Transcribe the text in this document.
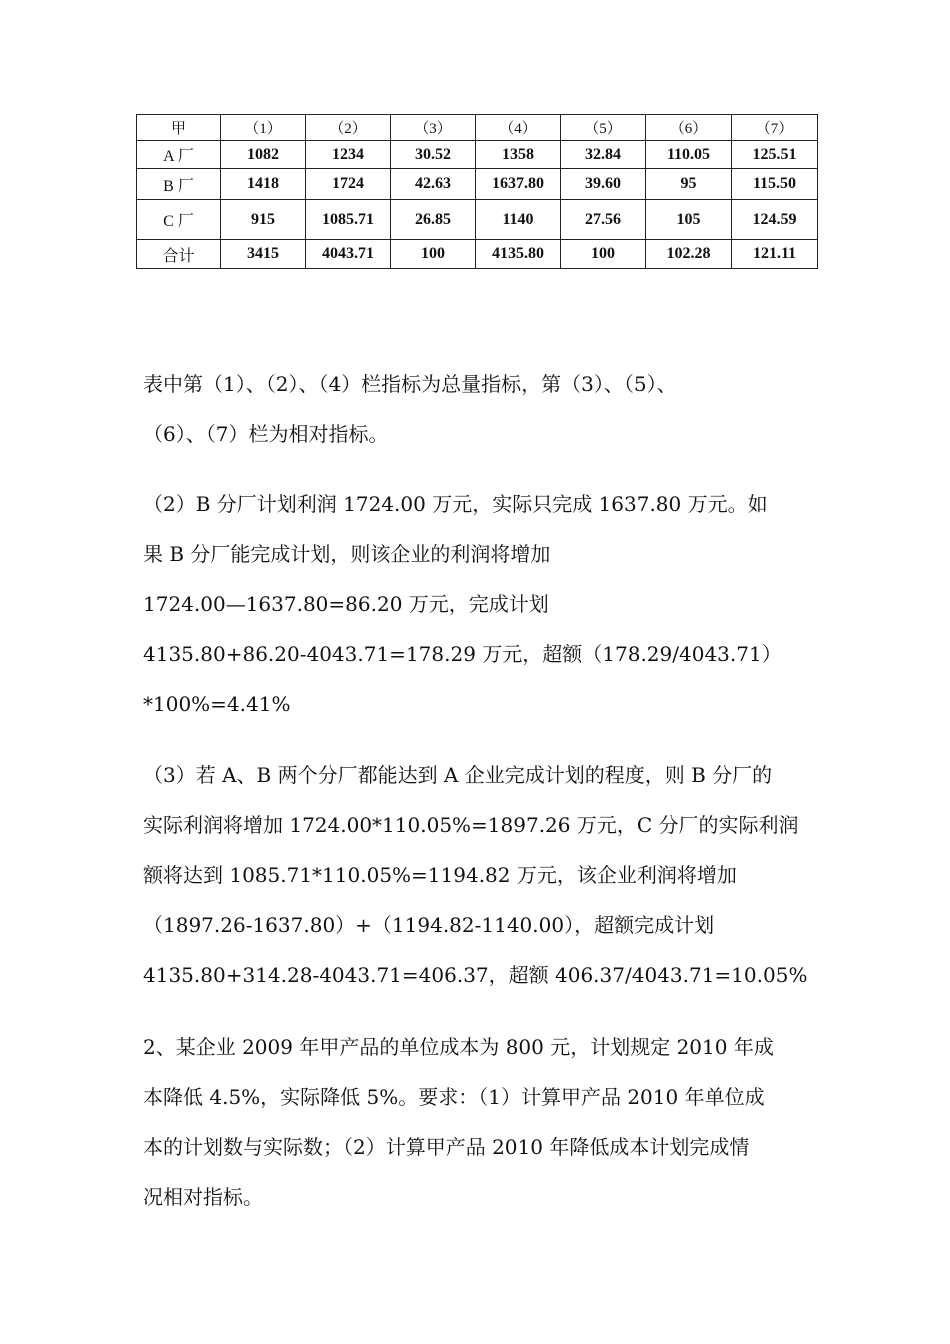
甲	（1）	（2）	（3）	（4）	（5）	（6）	（7）
A 厂	1082	1234	30.52	1358	32.84	110.05	125.51
B 厂	1418	1724	42.63	1637.80	39.60	95	115.50
C 厂	915	1085.71	26.85	1140	27.56	105	124.59
合计	3415	4043.71	100	4135.80	100	102.28	121.11
表中第（1）、（2）、（4）栏指标为总量指标，第（3）、（5）、
（6）、（7）栏为相对指标。
（2）B 分厂计划利润 1724.00 万元，实际只完成 1637.80 万元。如
果 B 分厂能完成计划，则该企业的利润将增加
1724.00—1637.80=86.20 万元，完成计划
4135.80+86.20-4043.71=178.29 万元，超额（178.29/4043.71）
*100%=4.41%
（3）若 A、B 两个分厂都能达到 A 企业完成计划的程度，则 B 分厂的
实际利润将增加 1724.00*110.05%=1897.26 万元，C 分厂的实际利润
额将达到 1085.71*110.05%=1194.82 万元，该企业利润将增加
（1897.26-1637.80）+（1194.82-1140.00），超额完成计划
4135.80+314.28-4043.71=406.37，超额 406.37/4043.71=10.05%
2、某企业 2009 年甲产品的单位成本为 800 元，计划规定 2010 年成
本降低 4.5%，实际降低 5%。要求：（1）计算甲产品 2010 年单位成
本的计划数与实际数；（2）计算甲产品 2010 年降低成本计划完成情
况相对指标。
